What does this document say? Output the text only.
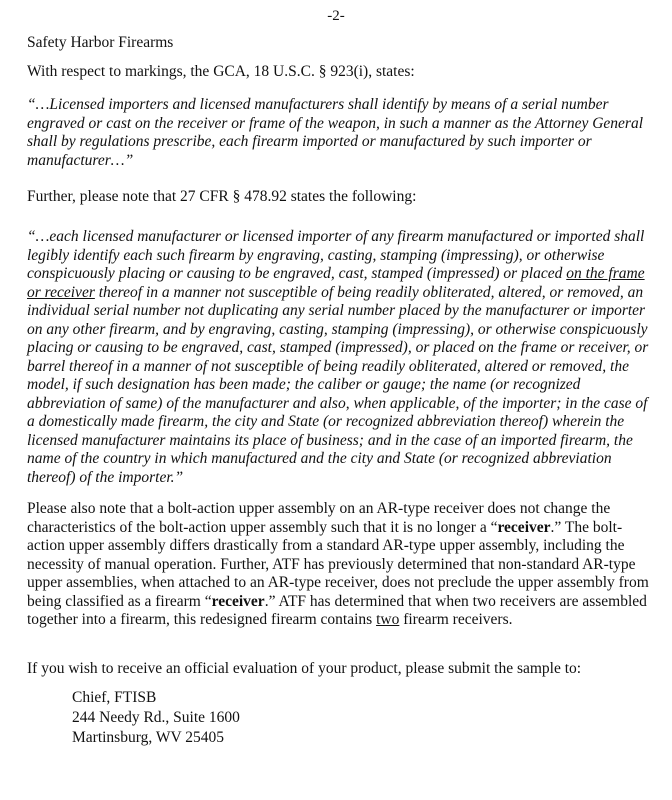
-2-
Safety Harbor Firearms

With respect to markings, the GCA, 18 U.S.C. § 923(i), states:

“…Licensed importers and licensed manufacturers shall identify by means of a serial number engraved or cast on the receiver or frame of the weapon, in such a manner as the Attorney General shall by regulations prescribe, each firearm imported or manufactured by such importer or manufacturer…”

Further, please note that 27 CFR § 478.92 states the following:

“…each licensed manufacturer or licensed importer of any firearm manufactured or imported shall legibly identify each such firearm by engraving, casting, stamping (impressing), or otherwise conspicuously placing or causing to be engraved, cast, stamped (impressed) or placed on the frame or receiver thereof in a manner not susceptible of being readily obliterated, altered, or removed, an individual serial number not duplicating any serial number placed by the manufacturer or importer on any other firearm, and by engraving, casting, stamping (impressing), or otherwise conspicuously placing or causing to be engraved, cast, stamped (impressed), or placed on the frame or receiver, or barrel thereof in a manner of not susceptible of being readily obliterated, altered or removed, the model, if such designation has been made; the caliber or gauge; the name (or recognized abbreviation of same) of the manufacturer and also, when applicable, of the importer; in the case of a domestically made firearm, the city and State (or recognized abbreviation thereof) wherein the licensed manufacturer maintains its place of business; and in the case of an imported firearm, the name of the country in which manufactured and the city and State (or recognized abbreviation thereof) of the importer.”

Please also note that a bolt-action upper assembly on an AR-type receiver does not change the characteristics of the bolt-action upper assembly such that it is no longer a “receiver.” The bolt-action upper assembly differs drastically from a standard AR-type upper assembly, including the necessity of manual operation. Further, ATF has previously determined that non-standard AR-type upper assemblies, when attached to an AR-type receiver, does not preclude the upper assembly from being classified as a firearm “receiver.” ATF has determined that when two receivers are assembled together into a firearm, this redesigned firearm contains two firearm receivers.

If you wish to receive an official evaluation of your product, please submit the sample to:

Chief, FTISB
244 Needy Rd., Suite 1600
Martinsburg, WV 25405
